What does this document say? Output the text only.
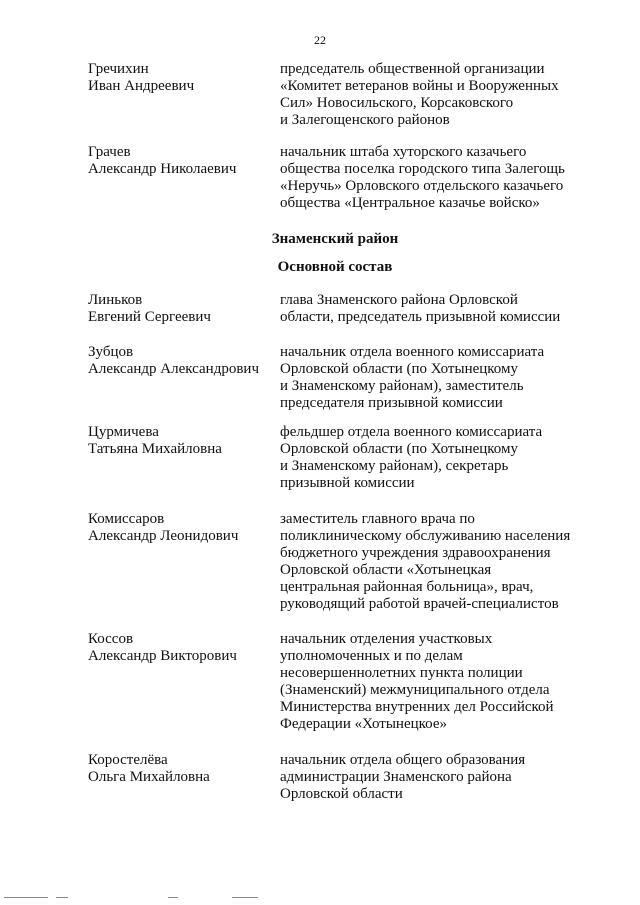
22
Гречихин
Иван Андреевич
председатель общественной организации
«Комитет ветеранов войны и Вооруженных
Сил» Новосильского, Корсаковского
и Залегощенского районов
Грачев
Александр Николаевич
начальник штаба хуторского казачьего
общества поселка городского типа Залегощь
«Неручь» Орловского отдельского казачьего
общества «Центральное казачье войско»
Знаменский район
Основной состав
Линьков
Евгений Сергеевич
глава Знаменского района Орловской
области, председатель призывной комиссии
Зубцов
Александр Александрович
начальник отдела военного комиссариата
Орловской области (по Хотынецкому
и Знаменскому районам), заместитель
председателя призывной комиссии
Цурмичева
Татьяна Михайловна
фельдшер отдела военного комиссариата
Орловской области (по Хотынецкому
и Знаменскому районам), секретарь
призывной комиссии
Комиссаров
Александр Леонидович
заместитель главного врача по
поликлиническому обслуживанию населения
бюджетного учреждения здравоохранения
Орловской области «Хотынецкая
центральная районная больница», врач,
руководящий работой врачей-специалистов
Коссов
Александр Викторович
начальник отделения участковых
уполномоченных и по делам
несовершеннолетних пункта полиции
(Знаменский) межмуниципального отдела
Министерства внутренних дел Российской
Федерации «Хотынецкое»
Коростелёва
Ольга Михайловна
начальник отдела общего образования
администрации Знаменского района
Орловской области
